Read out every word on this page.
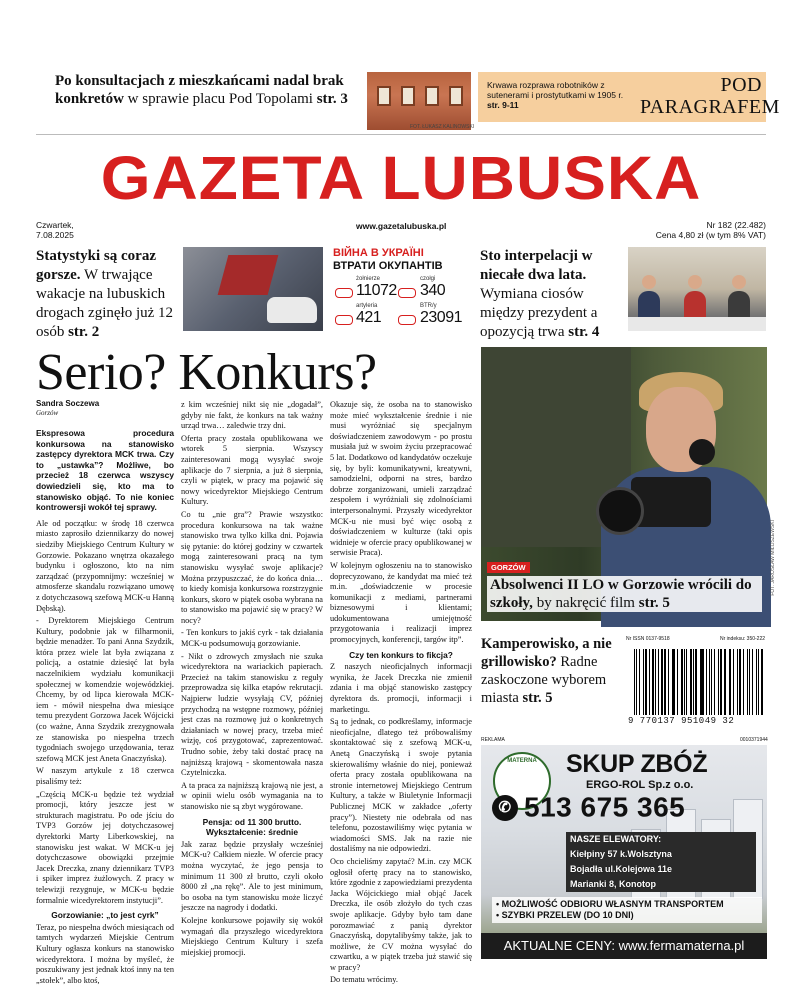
Po konsultacjach z mieszkańcami nadal brak konkretów w sprawie placu Pod Topolami str. 3
FOT. ŁUKASZ KALINOWSKI
Krwawa rozprawa robotników z sutenerami i prostytutkami w 1905 r. str. 9-11
POD
PARAGRAFEM
GAZETA LUBUSKA
Czwartek,
7.08.2025
www.gazetalubuska.pl	Nr 182 (22.482)
Cena 4,80 zł (w tym 8% VAT)
Statystyki są coraz gorsze. W trwające wakacje na lubuskich drogach zginęło już 12 osób str. 2
ВІЙНА В УКРАЇНІ
ВТРАТИ ОКУПАНТІВ
żołnierze
11072
czołgi
340
artyleria
421
BTR/y
23091
Sto interpelacji w niecałe dwa lata. Wymiana ciosów między prezydent a opozycją trwa str. 4
Serio? Konkurs?
Sandra Soczewa
Gorzów

Ekspresowa procedura konkursowa na stanowisko zastępcy dyrektora MCK trwa. Czy to „ustawka”? Możliwe, bo przecież 18 czerwca wszyscy dowiedzieli się, kto ma to stanowisko objąć. To nie koniec kontrowersji wokół tej sprawy.

Ale od początku: w środę 18 czerwca miasto zaprosiło dziennikarzy do nowej siedziby Miejskiego Centrum Kultury w Gorzowie. Pokazano wnętrza okazałego budynku i ogłoszono, kto na nim zarządzać (przypomnijmy: wcześniej w atmosferze skandalu rozwiązano umowę z dotychczasową szefową MCK-u Hanną Dębską).

- Dyrektorem Miejskiego Centrum Kultury, podobnie jak w filharmonii, będzie menadżer. To pani Anna Szydzik, która przez wiele lat była związana z policją, a ostatnie dziesięć lat była naczelnikiem wydziału komunikacji społecznej w komendzie wojewódzkiej. Chcemy, by od lipca kierowała MCK-iem - mówił niespełna dwa miesiące temu prezydent Gorzowa Jacek Wójcicki (co ważne, Anna Szydzik zrezygnowała ze stanowiska po niespełna trzech tygodniach swojego urzędowania, teraz szefową MCK jest Aneta Gnaczyńska).

W naszym artykule z 18 czerwca pisaliśmy też:

„Częścią MCK-u będzie też wydział promocji, który jeszcze jest w strukturach magistratu. Po ode jściu do TVP3 Gorzów jej dotychczasowej dyrektorki Marty Liberkowskiej, na stanowisku jest wakat. W MCK-u jej dotychczasowe obowiązki przejmie Jacek Dreczka, znany dziennikarz TVP3 i spiker imprez żużlowych. Z pracy w telewizji rezygnuje, w MCK-u będzie formalnie wicedyrektorem instytucji”.

Gorzowianie: „to jest cyrk”

Teraz, po niespełna dwóch miesiącach od tamtych wydarzeń Miejskie Centrum Kultury ogłasza konkurs na stanowisko wicedyrektora. I można by myśleć, że poszukiwany jest jednak ktoś inny na ten „stołek”, albo ktoś,

z kim wcześniej nikt się nie „dogadał”, gdyby nie fakt, że konkurs na tak ważny urząd trwa… zaledwie trzy dni.

Oferta pracy została opublikowana we wtorek 5 sierpnia. Wszyscy zainteresowani mogą wysyłać swoje aplikacje do 7 sierpnia, a już 8 sierpnia, czyli w piątek, w pracy ma pojawić się nowy wicedyrektor Miejskiego Centrum Kultury.

Co tu „nie gra”? Prawie wszystko: procedura konkursowa na tak ważne stanowisko trwa tylko kilka dni. Pojawia się pytanie: do której godziny w czwartek mogą zainteresowani pracą na tym stanowisku wysyłać swoje aplikacje? Można przypuszczać, że do końca dnia… to kiedy komisja konkursowa rozstrzygnie konkurs, skoro w piątek osoba wybrana na to stanowisko ma pojawić się w pracy? W nocy?

- Ten konkurs to jakiś cyrk - tak działania MCK-u podsumowują gorzowianie.

- Nikt o zdrowych zmysłach nie szuka wicedyrektora na wariackich papierach. Przecież na takim stanowisku z reguły przeprowadza się kilka etapów rekrutacji. Najpierw ludzie wysyłają CV, później przychodzą na wstępne rozmowy, później jest czas na rozmowę już o konkretnych działaniach w nowej pracy, trzeba mieć wizję, coś przygotować, zaprezentować. Trudno sobie, żeby taki dostać pracę na najniższą krajową - skomentowała nasza Czytelniczka.

A ta praca za najniższą krajową nie jest, a w opinii wielu osób wymagania na to stanowisko nie są zbyt wygórowane.

Pensja: od 11 300 brutto. Wykształcenie: średnie

Jak zaraz będzie przysłały wcześniej MCK-u? Całkiem niezłe. W ofercie pracy można wyczytać, że jego pensja to minimum 11 300 zł brutto, czyli około 8000 zł „na rękę”. Ale to jest minimum, bo osoba na tym stanowisku może liczyć jeszcze na nagrody i dodatki.

Kolejne konkursowe pojawiły się wokół wymagań dla przyszłego wicedyrektora Miejskiego Centrum Kultury i szefa miejskiej promocji.

Okazuje się, że osoba na to stanowisko może mieć wykształcenie średnie i nie musi wyróżniać się specjalnym doświadczeniem zawodowym - po prostu musiała już w swoim życiu przepracować 5 lat. Dodatkowo od kandydatów oczekuje się, by byli: komunikatywni, kreatywni, samodzielni, odporni na stres, bardzo dobrze zorganizowani, umieli zarządzać zespołem i wyróżniali się zdolnościami interpersonalnymi. Przyszły wicedyrektor MCK-u nie musi być więc osobą z doświadczeniem w kulturze (taki opis widnieje w ofercie pracy opublikowanej w serwisie Praca).

W kolejnym ogłoszeniu na to stanowisko doprecyzowano, że kandydat ma mieć też m.in. „doświadczenie w procesie komunikacji z mediami, partnerami biznesowymi i klientami; udokumentowana umiejętność przygotowania i realizacji imprez promocyjnych, konferencji, targów itp”.

Czy ten konkurs to fikcja?

Z naszych nieoficjalnych informacji wynika, że Jacek Dreczka nie zmienił zdania i ma objąć stanowisko zastępcy dyrektora ds. promocji, informacji i marketingu.

Są to jednak, co podkreślamy, informacje nieoficjalne, dlatego też próbowaliśmy skontaktować się z szefową MCK-u, Anetą Gnaczyńską i swoje pytania skierowaliśmy właśnie do niej, ponieważ oferta pracy została opublikowana na stronie internetowej Miejskiego Centrum Kultury, a także w Biuletynie Informacji Publicznej MCK w zakładce „oferty pracy”). Niestety nie odebrała od nas telefonu, pozostawiliśmy więc pytania w wiadomości SMS. Jak na razie nie dostaliśmy na nie odpowiedzi.

Oco chcieliśmy zapytać? M.in. czy MCK ogłosił ofertę pracy na to stanowisko, które zgodnie z zapowiedziami prezydenta Jacka Wójcickiego miał objąć Jacek Dreczka, ile osób złożyło do tych czas swoje aplikacje. Gdyby było tam dane porozmawiać z panią dyrektor Gnaczyńską, dopytalibyśmy także, jak to możliwe, że CV można wysyłać do czwartku, a w piątek trzeba już stawić się w pracy?

Do tematu wrócimy.

FOT. JAROSŁAW MIŁOSZEWSKI
GORZÓW
Absolwenci II LO w Gorzowie wrócili do szkoły, by nakręcić film str. 5
Kamperowisko, a nie grillowisko? Radne zaskoczone wyborem miasta str. 5
Nr ISSN 0137-9518	Nr indeksu: 350-222
9 770137 951049 32
REKLAMA	0010371944
MATERNA	SKUP ZBÓŻ
ERGO-ROL Sp.z o.o.
✆ 513 675 365
NASZE ELEWATORY:
Kiełpiny 57 k.Wolsztyna
Bojadła ul.Kolejowa 11e
Marianki 8, Konotop
• MOŻLIWOŚĆ ODBIORU WŁASNYM TRANSPORTEM
• SZYBKI PRZELEW (DO 10 DNI)
AKTUALNE CENY: www.fermamaterna.pl
